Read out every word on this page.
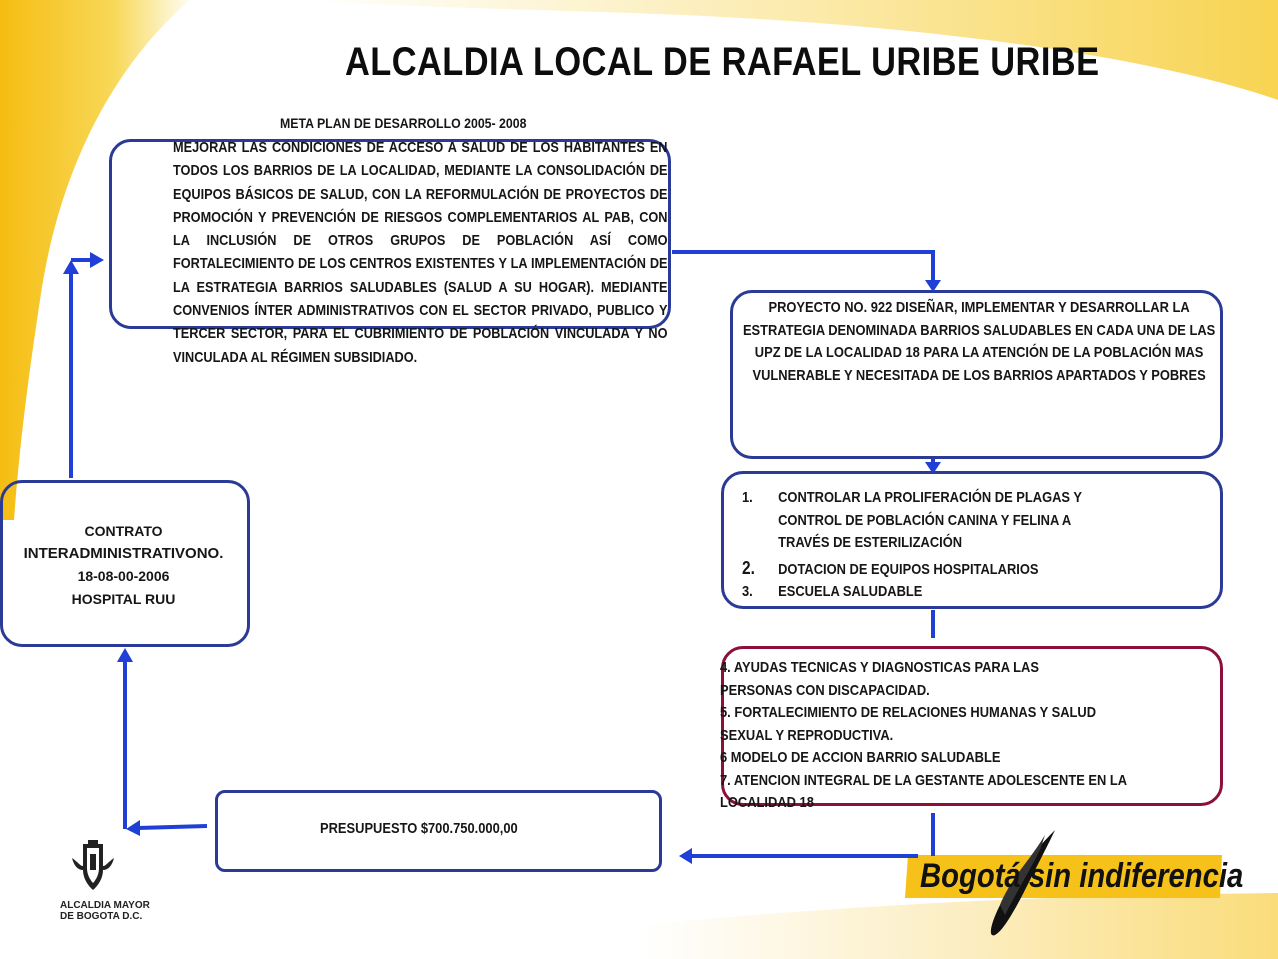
ALCALDIA LOCAL DE RAFAEL URIBE URIBE
META PLAN DE DESARROLLO 2005- 2008
MEJORAR LAS CONDICIONES DE ACCESO A SALUD DE LOS HABITANTES EN TODOS LOS BARRIOS DE LA LOCALIDAD, MEDIANTE LA CONSOLIDACIÓN DE EQUIPOS BÁSICOS DE SALUD, CON LA REFORMULACIÓN DE PROYECTOS DE PROMOCIÓN Y PREVENCIÓN DE RIESGOS COMPLEMENTARIOS AL PAB, CON LA INCLUSIÓN DE OTROS GRUPOS DE POBLACIÓN ASÍ COMO FORTALECIMIENTO DE LOS CENTROS EXISTENTES Y LA IMPLEMENTACIÓN DE LA ESTRATEGIA BARRIOS SALUDABLES (SALUD A SU HOGAR). MEDIANTE CONVENIOS ÍNTER ADMINISTRATIVOS CON EL SECTOR PRIVADO, PUBLICO Y TERCER SECTOR, PARA EL CUBRIMIENTO DE POBLACIÓN VINCULADA Y NO VINCULADA AL RÉGIMEN SUBSIDIADO.
PROYECTO NO. 922 DISEÑAR, IMPLEMENTAR Y DESARROLLAR LA ESTRATEGIA DENOMINADA BARRIOS SALUDABLES EN CADA UNA DE LAS UPZ DE LA LOCALIDAD 18 PARA LA ATENCIÓN DE LA POBLACIÓN MAS VULNERABLE Y NECESITADA DE LOS BARRIOS APARTADOS Y POBRES
CONTRATO
INTERADMINISTRATIVONO.
18-08-00-2006
HOSPITAL RUU
PRESUPUESTO $700.750.000,00
1. CONTROLAR LA PROLIFERACIÓN DE PLAGAS Y
CONTROL DE POBLACIÓN CANINA Y FELINA A
TRAVÉS DE ESTERILIZACIÓN
2. DOTACION DE EQUIPOS HOSPITALARIOS
3. ESCUELA SALUDABLE
4. AYUDAS TECNICAS Y DIAGNOSTICAS PARA LAS
PERSONAS CON DISCAPACIDAD.
5. FORTALECIMIENTO DE RELACIONES HUMANAS Y SALUD
SEXUAL Y REPRODUCTIVA.
6 MODELO DE ACCION BARRIO SALUDABLE
7. ATENCION INTEGRAL DE LA GESTANTE ADOLESCENTE EN LA
LOCALIDAD 18
ALCALDIA MAYOR
DE BOGOTA D.C.
Bogotá sin indiferencia
